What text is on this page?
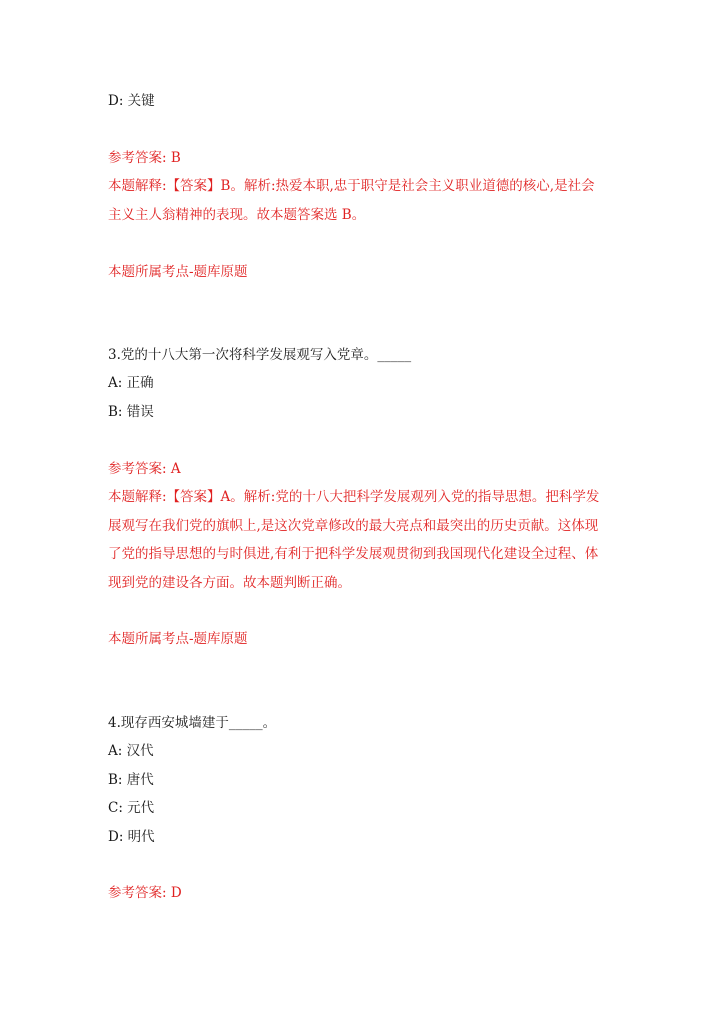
D: 关键
参考答案: B
本题解释:【答案】B。解析:热爱本职,忠于职守是社会主义职业道德的核心,是社会主义主人翁精神的表现。故本题答案选 B。
本题所属考点-题库原题
3.党的十八大第一次将科学发展观写入党章。_____
A: 正确
B: 错误
参考答案: A
本题解释:【答案】A。解析:党的十八大把科学发展观列入党的指导思想。把科学发展观写在我们党的旗帜上,是这次党章修改的最大亮点和最突出的历史贡献。这体现了党的指导思想的与时俱进,有利于把科学发展观贯彻到我国现代化建设全过程、体现到党的建设各方面。故本题判断正确。
本题所属考点-题库原题
4.现存西安城墙建于_____。
A: 汉代
B: 唐代
C: 元代
D: 明代
参考答案: D
